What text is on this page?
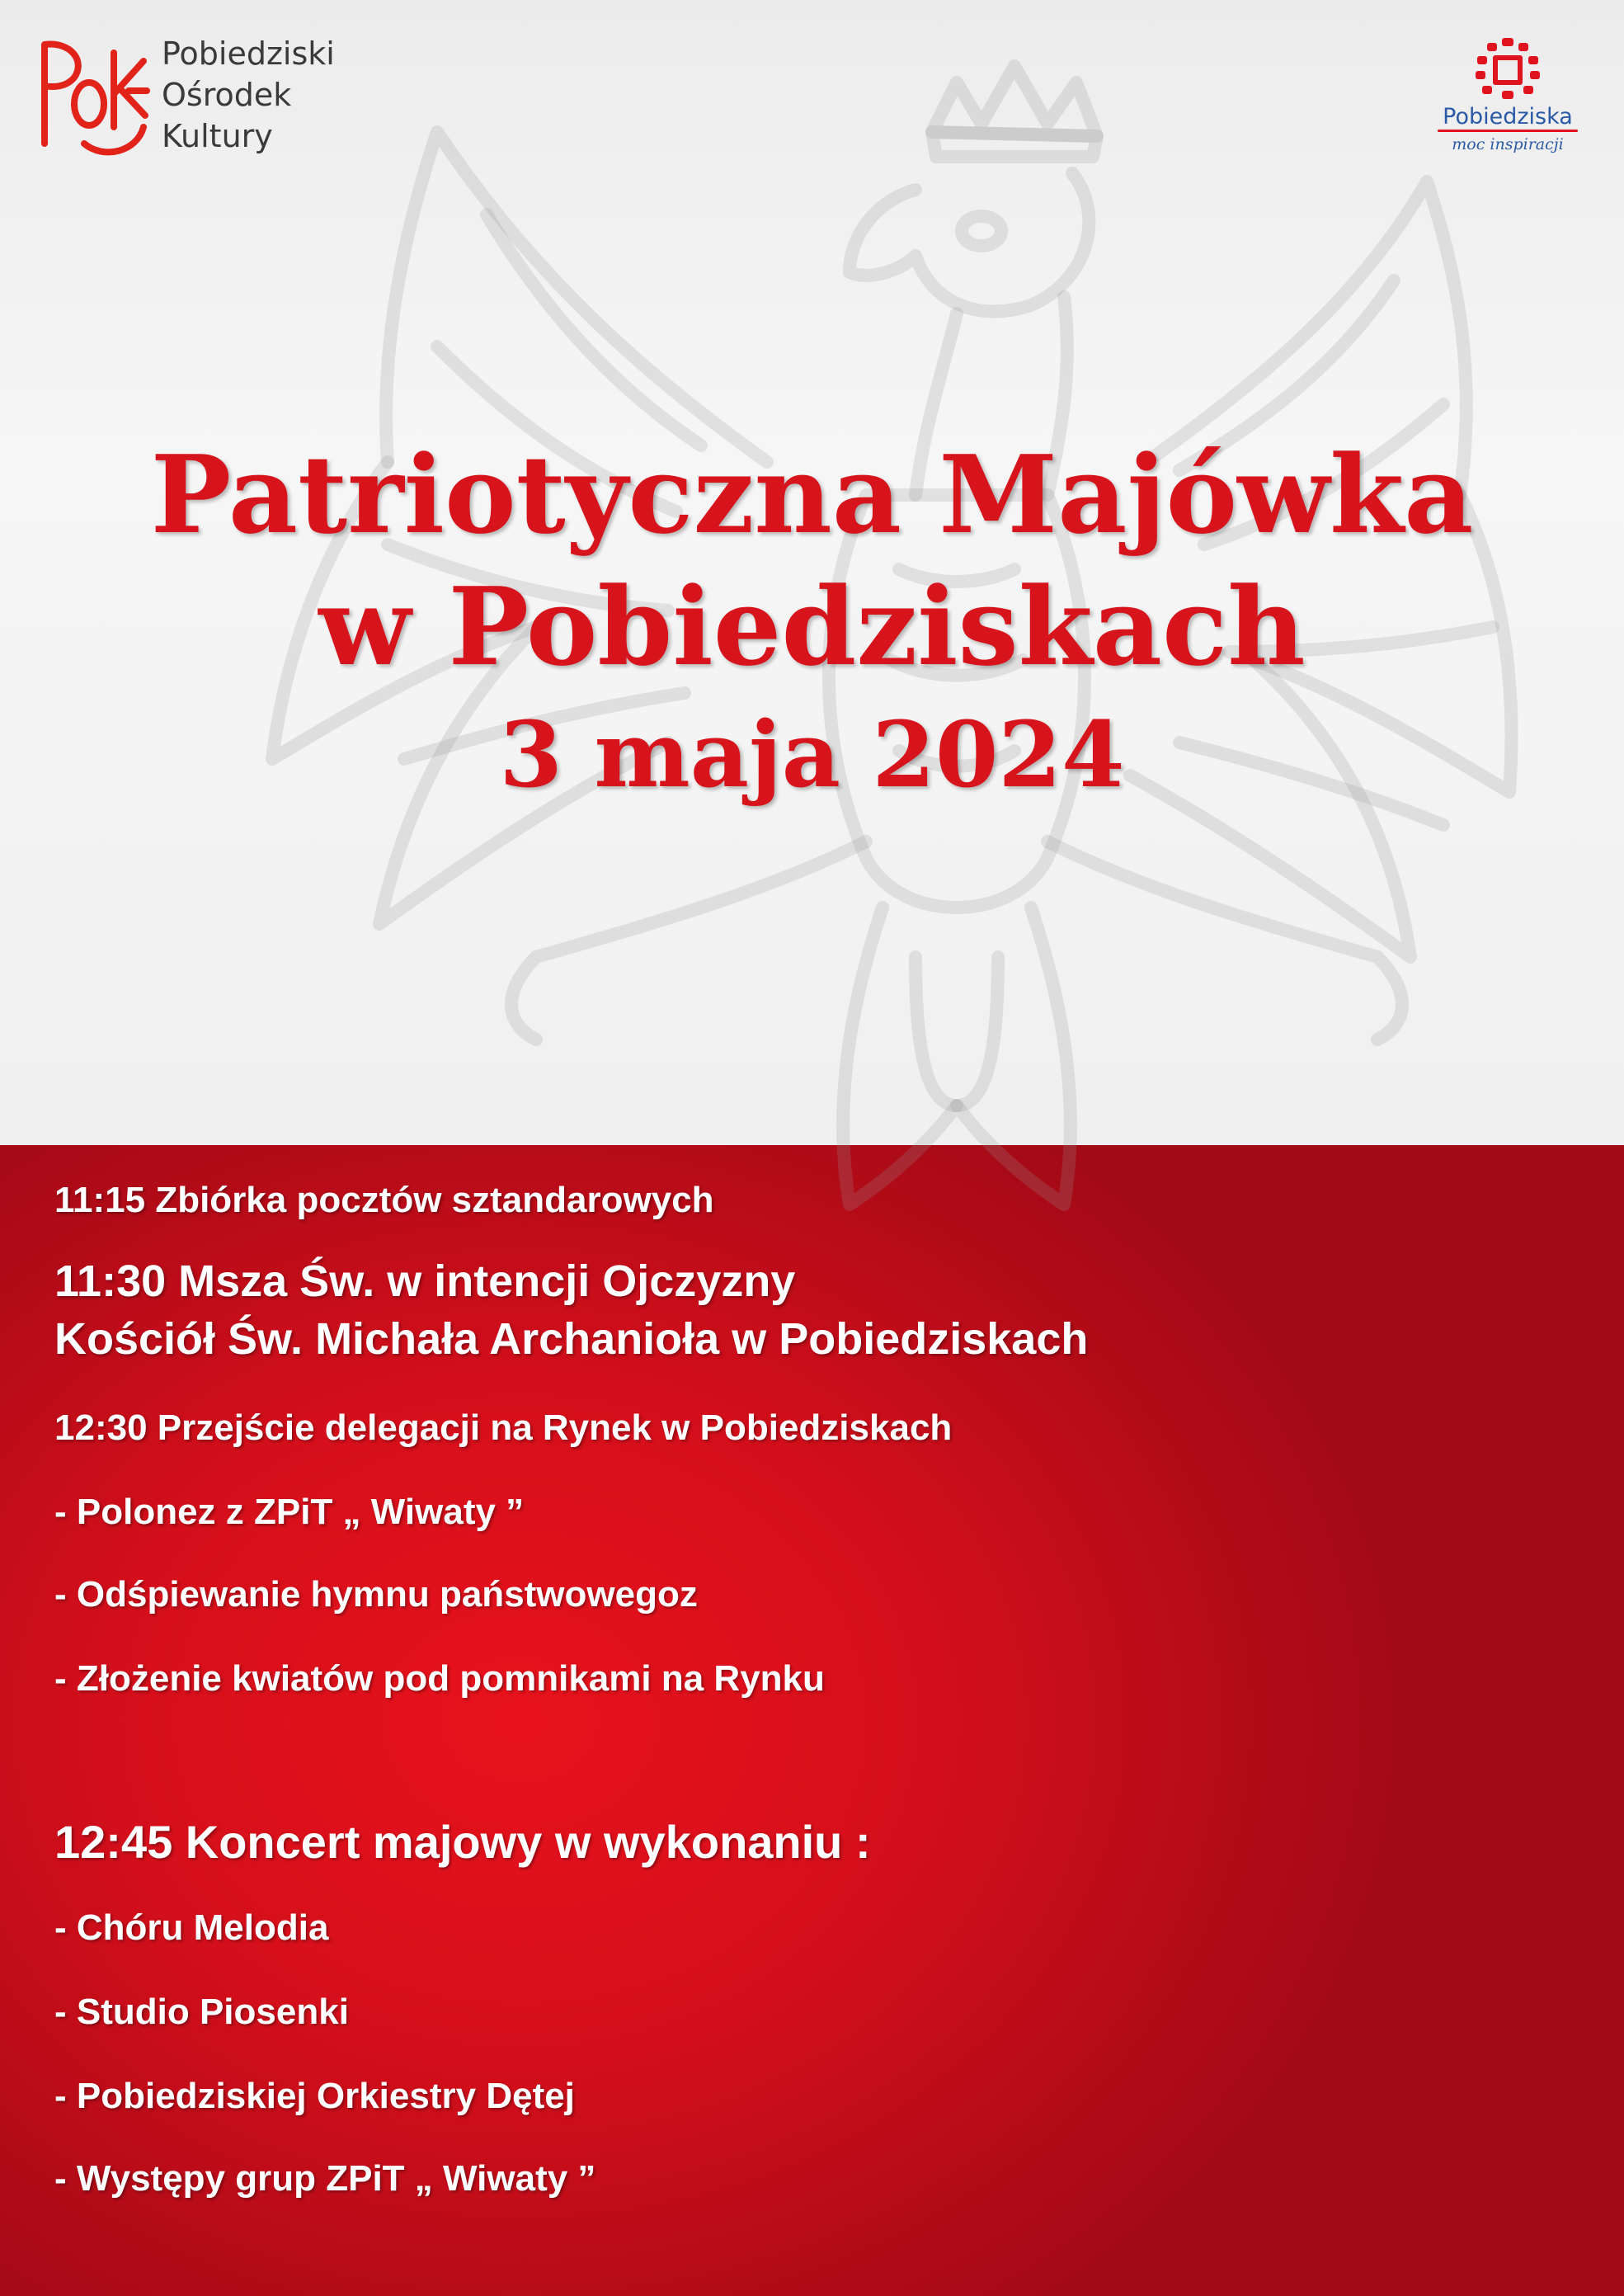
Pobiedziski
Ośrodek
Kultury
Pobiedziska
moc inspiracji
Patriotyczna Majówka
w Pobiedziskach
3 maja 2024
11:15 Zbiórka pocztów sztandarowych
11:30 Msza Św. w intencji Ojczyzny
Kościół Św. Michała Archanioła w Pobiedziskach
12:30 Przejście delegacji na Rynek w Pobiedziskach
- Polonez z ZPiT „ Wiwaty ”
- Odśpiewanie hymnu państwowegoz
- Złożenie kwiatów pod pomnikami na Rynku
12:45 Koncert majowy w wykonaniu :
- Chóru Melodia
- Studio Piosenki
- Pobiedziskiej Orkiestry Dętej
- Występy grup ZPiT „ Wiwaty ”
